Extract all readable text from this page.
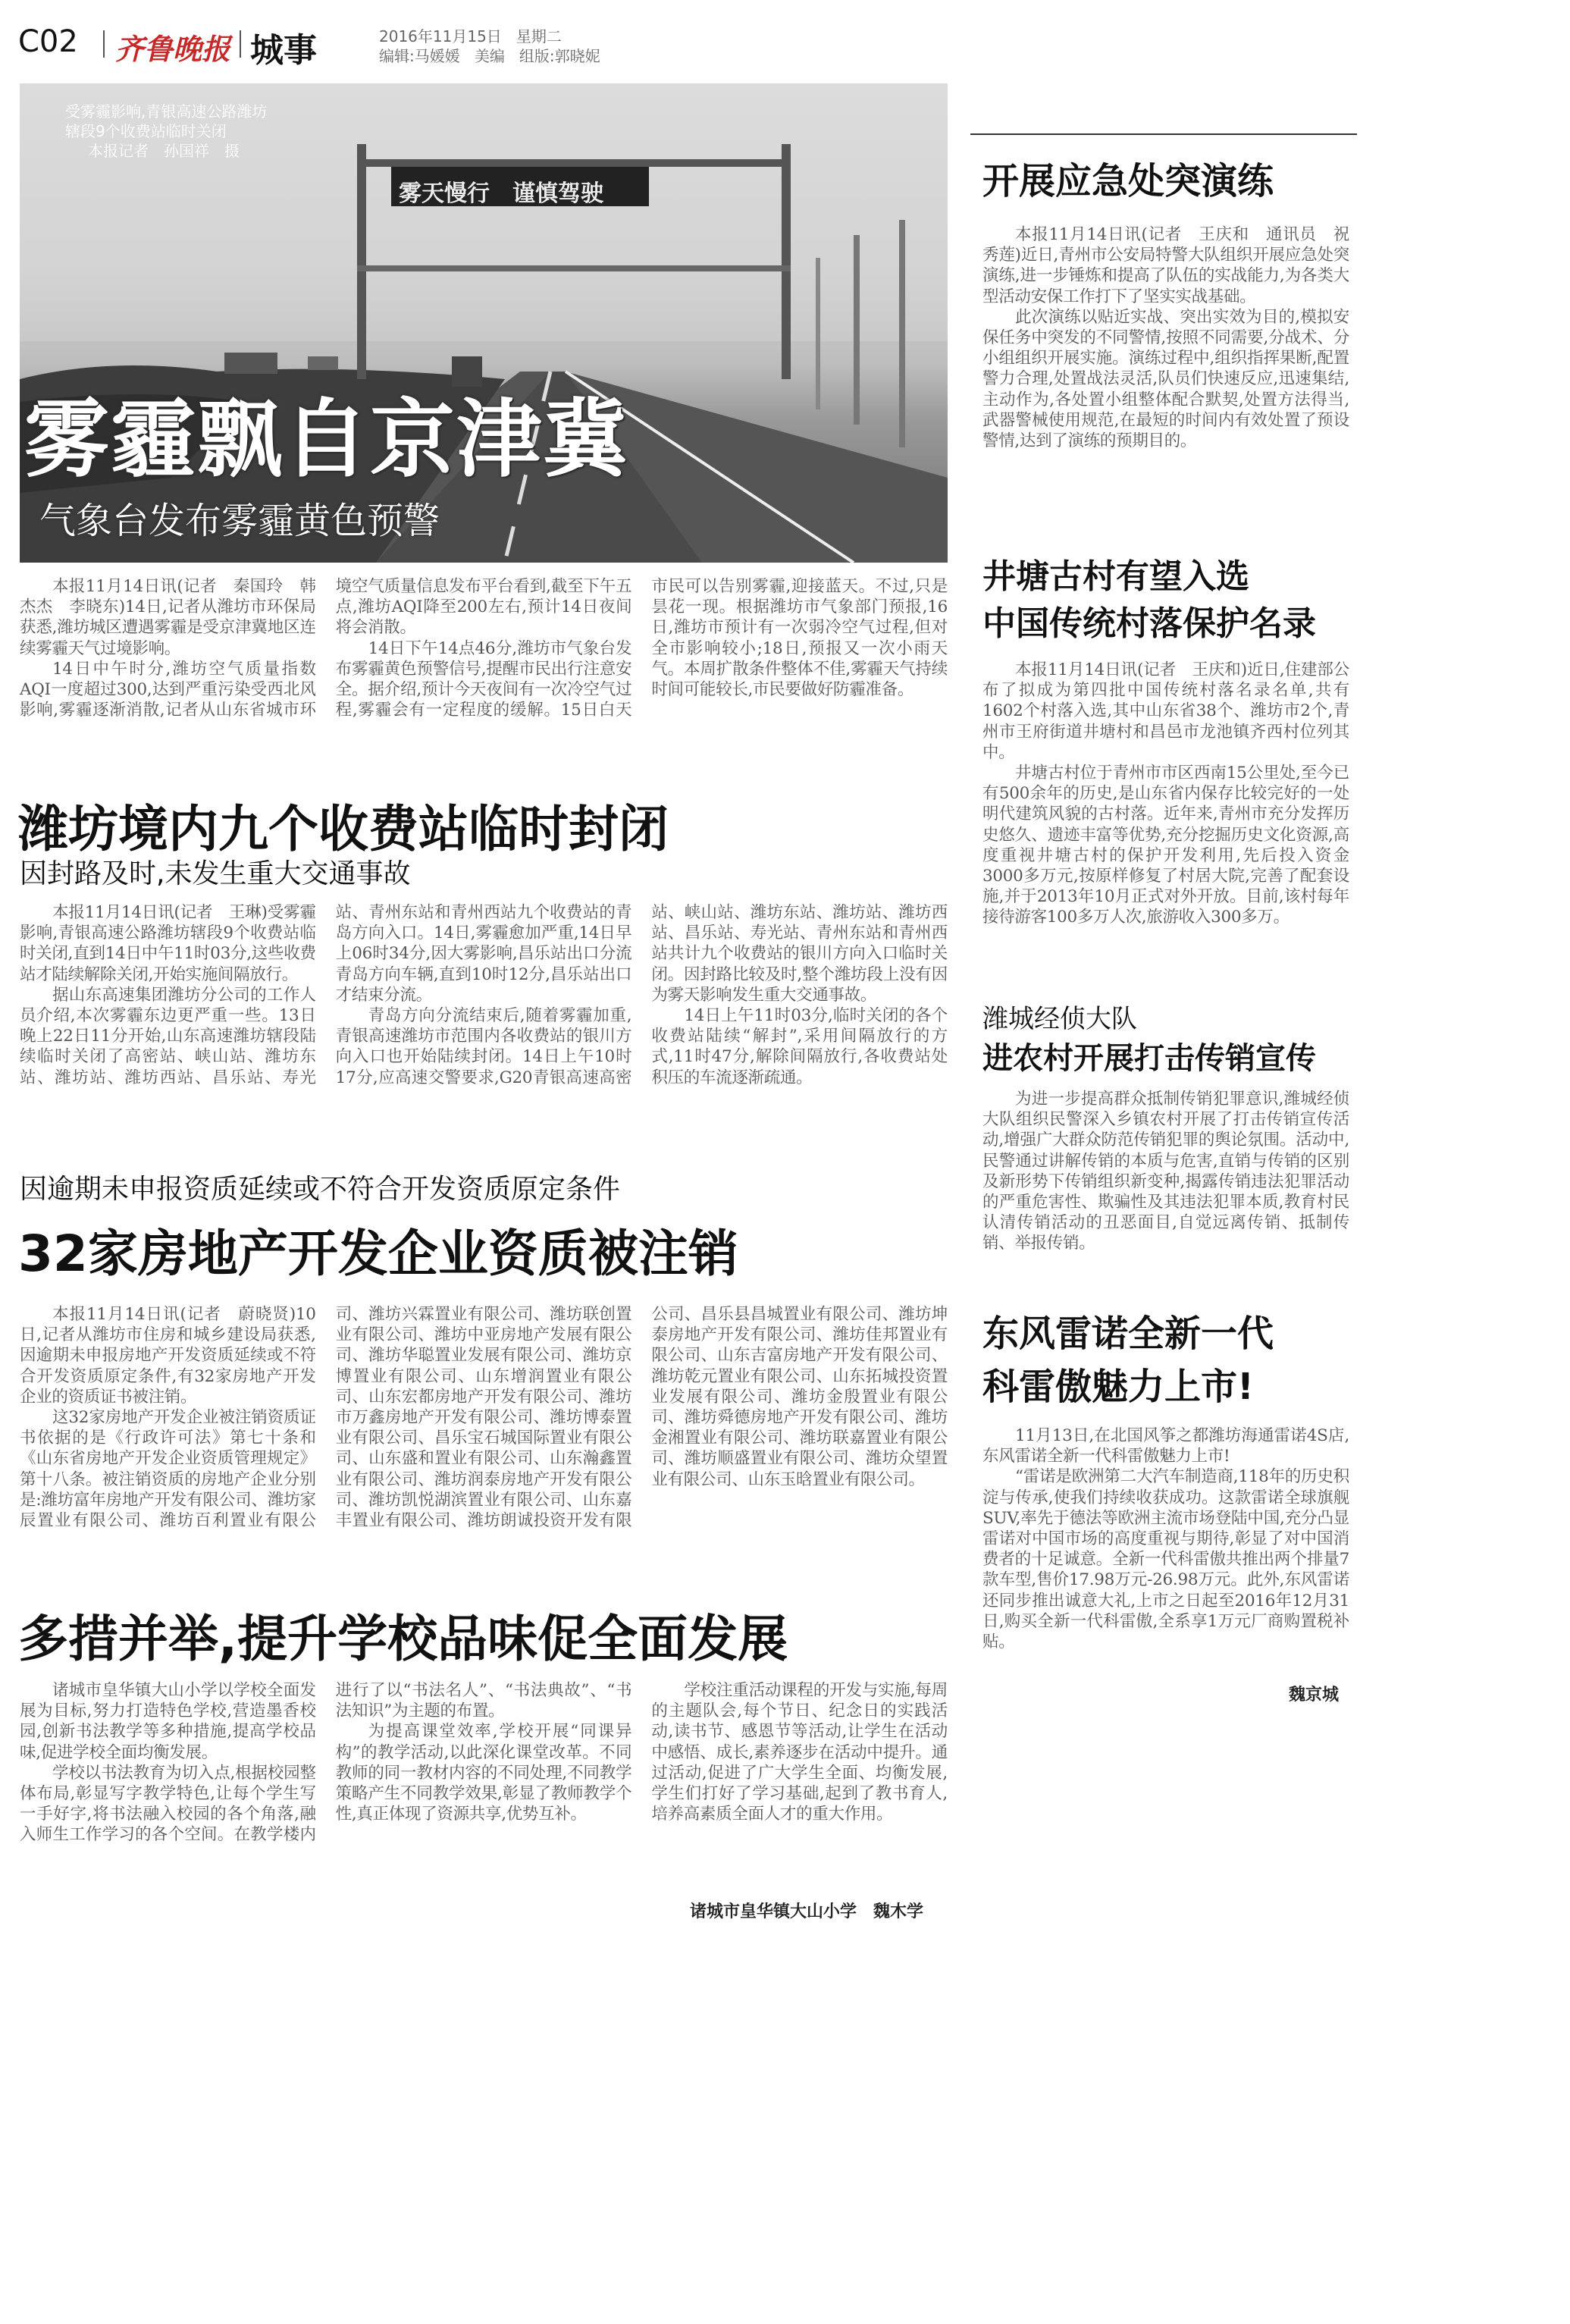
C02 齐鲁晚报 城事	2016年11月15日 星期二
编辑:马媛媛 美编 组版:郭晓妮
雾天慢行　谨慎驾驶
受雾霾影响,青银高速公路潍坊
辖段9个收费站临时关闭
本报记者　孙国祥　摄
雾霾飘自京津冀
气象台发布雾霾黄色预警

本报11月14日讯(记者　秦国玲　韩杰杰　李晓东)14日,记者从潍坊市环保局获悉,潍坊城区遭遇雾霾是受京津冀地区连续雾霾天气过境影响。

14日中午时分,潍坊空气质量指数AQI一度超过300,达到严重污染受西北风影响,雾霾逐渐消散,记者从山东省城市环境空气质量信息发布平台看到,截至下午五点,潍坊AQI降至200左右,预计14日夜间将会消散。

14日下午14点46分,潍坊市气象台发布雾霾黄色预警信号,提醒市民出行注意安全。据介绍,预计今天夜间有一次冷空气过程,雾霾会有一定程度的缓解。15日白天市民可以告别雾霾,迎接蓝天。不过,只是昙花一现。根据潍坊市气象部门预报,16日,潍坊市预计有一次弱冷空气过程,但对全市影响较小;18日,预报又一次小雨天气。本周扩散条件整体不佳,雾霾天气持续时间可能较长,市民要做好防霾准备。

潍坊境内九个收费站临时封闭
因封路及时,未发生重大交通事故

本报11月14日讯(记者　王琳)受雾霾影响,青银高速公路潍坊辖段9个收费站临时关闭,直到14日中午11时03分,这些收费站才陆续解除关闭,开始实施间隔放行。

据山东高速集团潍坊分公司的工作人员介绍,本次雾霾东边更严重一些。13日晚上22日11分开始,山东高速潍坊辖段陆续临时关闭了高密站、峡山站、潍坊东站、潍坊站、潍坊西站、昌乐站、寿光站、青州东站和青州西站九个收费站的青岛方向入口。14日,雾霾愈加严重,14日早上06时34分,因大雾影响,昌乐站出口分流青岛方向车辆,直到10时12分,昌乐站出口才结束分流。

青岛方向分流结束后,随着雾霾加重,青银高速潍坊市范围内各收费站的银川方向入口也开始陆续封闭。14日上午10时17分,应高速交警要求,G20青银高速高密站、峡山站、潍坊东站、潍坊站、潍坊西站、昌乐站、寿光站、青州东站和青州西站共计九个收费站的银川方向入口临时关闭。因封路比较及时,整个潍坊段上没有因为雾天影响发生重大交通事故。

14日上午11时03分,临时关闭的各个收费站陆续“解封”,采用间隔放行的方式,11时47分,解除间隔放行,各收费站处积压的车流逐渐疏通。

因逾期未申报资质延续或不符合开发资质原定条件
32家房地产开发企业资质被注销

本报11月14日讯(记者　蔚晓贤)10日,记者从潍坊市住房和城乡建设局获悉,因逾期未申报房地产开发资质延续或不符合开发资质原定条件,有32家房地产开发企业的资质证书被注销。

这32家房地产开发企业被注销资质证书依据的是《行政许可法》第七十条和《山东省房地产开发企业资质管理规定》第十八条。被注销资质的房地产企业分别是:潍坊富年房地产开发有限公司、潍坊家辰置业有限公司、潍坊百利置业有限公司、潍坊兴霖置业有限公司、潍坊联创置业有限公司、潍坊中亚房地产发展有限公司、潍坊华聪置业发展有限公司、潍坊京博置业有限公司、山东增润置业有限公司、山东宏都房地产开发有限公司、潍坊市万鑫房地产开发有限公司、潍坊博泰置业有限公司、昌乐宝石城国际置业有限公司、山东盛和置业有限公司、山东瀚鑫置业有限公司、潍坊润泰房地产开发有限公司、潍坊凯悦湖滨置业有限公司、山东嘉丰置业有限公司、潍坊朗诚投资开发有限公司、昌乐县昌城置业有限公司、潍坊坤泰房地产开发有限公司、潍坊佳邦置业有限公司、山东吉富房地产开发有限公司、潍坊乾元置业有限公司、山东拓城投资置业发展有限公司、潍坊金殷置业有限公司、潍坊舜德房地产开发有限公司、潍坊金湘置业有限公司、潍坊联嘉置业有限公司、潍坊顺盛置业有限公司、潍坊众望置业有限公司、山东玉晗置业有限公司。

多措并举,提升学校品味促全面发展

诸城市皇华镇大山小学以学校全面发展为目标,努力打造特色学校,营造墨香校园,创新书法教学等多种措施,提高学校品味,促进学校全面均衡发展。

学校以书法教育为切入点,根据校园整体布局,彰显写字教学特色,让每个学生写一手好字,将书法融入校园的各个角落,融入师生工作学习的各个空间。在教学楼内进行了以“书法名人”、“书法典故”、“书法知识”为主题的布置。

为提高课堂效率,学校开展“同课异构”的教学活动,以此深化课堂改革。不同教师的同一教材内容的不同处理,不同教学策略产生不同教学效果,彰显了教师教学个性,真正体现了资源共享,优势互补。

学校注重活动课程的开发与实施,每周的主题队会,每个节日、纪念日的实践活动,读书节、感恩节等活动,让学生在活动中感悟、成长,素养逐步在活动中提升。通过活动,促进了广大学生全面、均衡发展,学生们打好了学习基础,起到了教书育人,培养高素质全面人才的重大作用。

诸城市皇华镇大山小学　魏木学
开展应急处突演练

本报11月14日讯(记者　王庆和　通讯员　祝秀莲)近日,青州市公安局特警大队组织开展应急处突演练,进一步锤炼和提高了队伍的实战能力,为各类大型活动安保工作打下了坚实实战基础。

此次演练以贴近实战、突出实效为目的,模拟安保任务中突发的不同警情,按照不同需要,分战术、分小组组织开展实施。演练过程中,组织指挥果断,配置警力合理,处置战法灵活,队员们快速反应,迅速集结,主动作为,各处置小组整体配合默契,处置方法得当,武器警械使用规范,在最短的时间内有效处置了预设警情,达到了演练的预期目的。

井塘古村有望入选
中国传统村落保护名录

本报11月14日讯(记者　王庆和)近日,住建部公布了拟成为第四批中国传统村落名录名单,共有1602个村落入选,其中山东省38个、潍坊市2个,青州市王府街道井塘村和昌邑市龙池镇齐西村位列其中。

井塘古村位于青州市市区西南15公里处,至今已有500余年的历史,是山东省内保存比较完好的一处明代建筑风貌的古村落。近年来,青州市充分发挥历史悠久、遗迹丰富等优势,充分挖掘历史文化资源,高度重视井塘古村的保护开发利用,先后投入资金3000多万元,按原样修复了村居大院,完善了配套设施,并于2013年10月正式对外开放。目前,该村每年接待游客100多万人次,旅游收入300多万。

潍城经侦大队
进农村开展打击传销宣传

为进一步提高群众抵制传销犯罪意识,潍城经侦大队组织民警深入乡镇农村开展了打击传销宣传活动,增强广大群众防范传销犯罪的舆论氛围。活动中,民警通过讲解传销的本质与危害,直销与传销的区别及新形势下传销组织新变种,揭露传销违法犯罪活动的严重危害性、欺骗性及其违法犯罪本质,教育村民认清传销活动的丑恶面目,自觉远离传销、抵制传销、举报传销。

东风雷诺全新一代
科雷傲魅力上市!

11月13日,在北国风筝之都潍坊海通雷诺4S店,东风雷诺全新一代科雷傲魅力上市!

“雷诺是欧洲第二大汽车制造商,118年的历史积淀与传承,使我们持续收获成功。这款雷诺全球旗舰SUV,率先于德法等欧洲主流市场登陆中国,充分凸显雷诺对中国市场的高度重视与期待,彰显了对中国消费者的十足诚意。全新一代科雷傲共推出两个排量7款车型,售价17.98万元-26.98万元。此外,东风雷诺还同步推出诚意大礼,上市之日起至2016年12月31日,购买全新一代科雷傲,全系享1万元厂商购置税补贴。

魏京城
